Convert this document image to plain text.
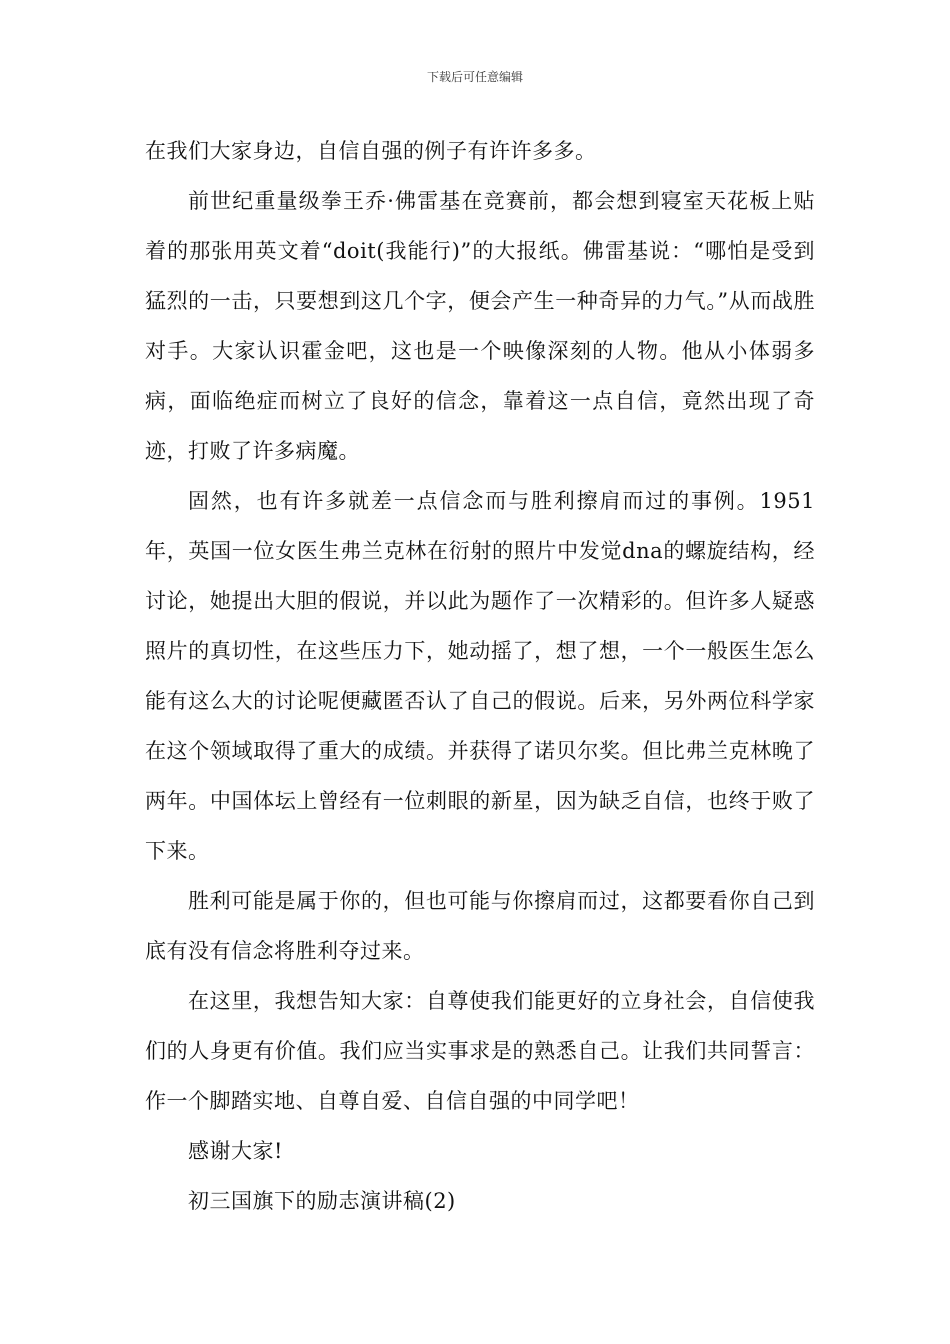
下载后可任意编辑

在我们大家身边，自信自强的例子有许许多多。

前世纪重量级拳王乔·佛雷基在竞赛前，都会想到寝室天花板上贴着的那张用英文着“doit(我能行)”的大报纸。佛雷基说：“哪怕是受到猛烈的一击，只要想到这几个字，便会产生一种奇异的力气。”从而战胜对手。大家认识霍金吧，这也是一个映像深刻的人物。他从小体弱多病，面临绝症而树立了良好的信念，靠着这一点自信，竟然出现了奇迹，打败了许多病魔。

固然，也有许多就差一点信念而与胜利擦肩而过的事例。1951年，英国一位女医生弗兰克林在衍射的照片中发觉dna的螺旋结构，经讨论，她提出大胆的假说，并以此为题作了一次精彩的。但许多人疑惑照片的真切性，在这些压力下，她动摇了，想了想，一个一般医生怎么能有这么大的讨论呢便藏匿否认了自己的假说。后来，另外两位科学家在这个领域取得了重大的成绩。并获得了诺贝尔奖。但比弗兰克林晚了两年。中国体坛上曾经有一位刺眼的新星，因为缺乏自信，也终于败了下来。

胜利可能是属于你的，但也可能与你擦肩而过，这都要看你自己到底有没有信念将胜利夺过来。

在这里，我想告知大家：自尊使我们能更好的立身社会，自信使我们的人身更有价值。我们应当实事求是的熟悉自己。让我们共同誓言：作一个脚踏实地、自尊自爱、自信自强的中同学吧！

感谢大家!

初三国旗下的励志演讲稿(2)
